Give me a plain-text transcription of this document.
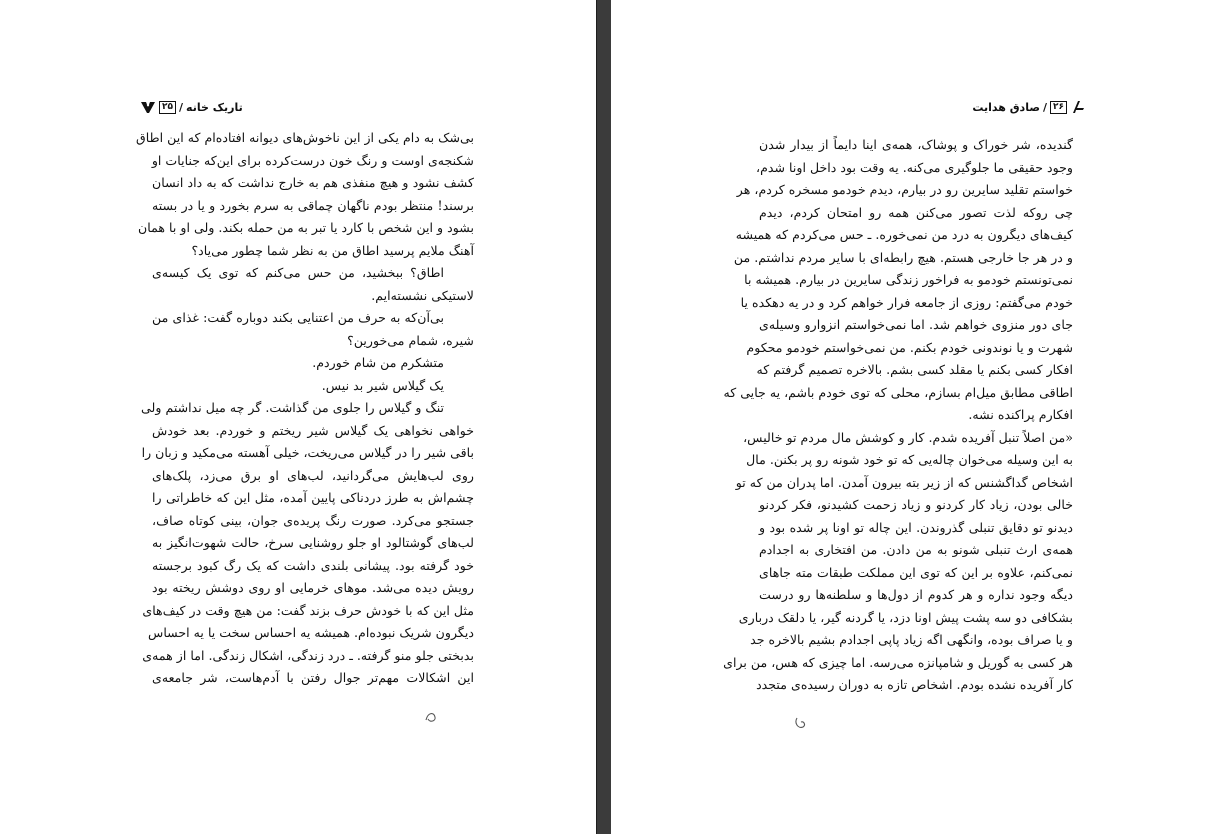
تاریک خانه
/
۲۵
بی‌شک به دام یکی از این ناخوش‌های دیوانه افتاده‌ام که این اطاق
شکنجه‌ی اوست و رنگ خون درست‌کرده برای این‌که جنایات او
کشف نشود و هیچ منفذی هم به خارج نداشت که به داد انسان
برسند! منتظر بودم ناگهان چماقی به سرم بخورد و یا در بسته
بشود و این شخص با کارد یا تبر به من حمله بکند. ولی او با همان
آهنگ ملایم پرسید اطاق من به نظر شما چطور می‌یاد؟
اطاق؟ ببخشید، من حس می‌کنم که توی یک کیسه‌ی
لاستیکی نشسته‌ایم.
بی‌آن‌که به حرف من اعتنایی بکند دوباره گفت: غذای من
شیره، شمام می‌خورین؟
متشکرم من شام خوردم.
یک گیلاس شیر بد نیس.
تنگ و گیلاس را جلوی من گذاشت. گر چه میل نداشتم ولی
خواهی نخواهی یک گیلاس شیر ریختم و خوردم. بعد خودش
باقی شیر را در گیلاس می‌ریخت، خیلی آهسته می‌مکید و زبان را
روی لب‌هایش می‌گردانید، لب‌های او برق می‌زد، پلک‌های
چشم‌اش به طرز دردناکی پایین آمده، مثل این که خاطراتی را
جستجو می‌کرد. صورت رنگ پریده‌ی جوان، بینی کوتاه صاف،
لب‌های گوشتالود او جلو روشنایی سرخ، حالت شهوت‌انگیز به
خود گرفته بود. پیشانی بلندی داشت که یک رگ کبود برجسته
رویش دیده می‌شد. موهای خرمایی او روی دوشش ریخته بود
مثل این که با خودش حرف بزند گفت: من هیچ وقت در کیف‌های
دیگرون شریک نبوده‌ام. همیشه یه احساس سخت یا یه احساس
بدبختی جلو منو گرفته. ـ درد زندگی، اشکال زندگی. اما از همه‌ی
این اشکالات مهم‌تر جوال رفتن با آدم‌هاست، شر جامعه‌ی
۲۶
/
صادق هدایت
گندیده، شر خوراک و پوشاک، همه‌ی اینا دایماً از بیدار شدن
وجود حقیقی ما جلوگیری می‌کنه. یه وقت بود داخل اونا شدم،
خواستم تقلید سایرین رو در بیارم، دیدم خودمو مسخره کردم، هر
چی روکه لذت تصور می‌کنن همه رو امتحان کردم، دیدم
کیف‌های دیگرون به درد من نمی‌خوره. ـ حس می‌کردم که همیشه
و در هر جا خارجی هستم. هیچ رابطه‌ای با سایر مردم نداشتم. من
نمی‌تونستم خودمو به فراخور زندگی سایرین در بیارم. همیشه با
خودم می‌گفتم: روزی از جامعه فرار خواهم کرد و در یه دهکده یا
جای دور منزوی خواهم شد. اما نمی‌خواستم انزوارو وسیله‌ی
شهرت و یا نوندونی خودم بکنم. من نمی‌خواستم خودمو محکوم
افکار کسی بکنم یا مقلد کسی بشم. بالاخره تصمیم گرفتم که
اطاقی مطابق میل‌ام بسازم، محلی که توی خودم باشم، یه جایی که
افکارم پراکنده نشه.
«من اصلاً تنبل آفریده شدم. کار و کوشش مال مردم تو خالیس،
به این وسیله می‌خوان چاله‌یی که تو خود شونه رو پر بکنن. مال
اشخاص گداگشنس که از زیر بته بیرون آمدن. اما پدران من که تو
خالی بودن، زیاد کار کردنو و زیاد زحمت کشیدنو، فکر کردنو
دیدنو تو دقایق تنبلی گذروندن. این چاله تو اونا پر شده بود و
همه‌ی ارث تنبلی شونو به من دادن. من افتخاری به اجدادم
نمی‌کنم، علاوه بر این که توی این مملکت طبقات مته جاهای
دیگه وجود نداره و هر کدوم از دول‌ها و سلطنه‌ها رو درست
بشکافی دو سه پشت پیش اونا دزد، یا گردنه گیر، یا دلقک درباری
و یا صراف بوده، وانگهی اگه زیاد پاپی اجدادم بشیم بالاخره جد
هر کسی به گوریل و شامپانزه می‌رسه. اما چیزی که هس، من برای
کار آفریده نشده بودم. اشخاص تازه به دوران رسیده‌ی متجدد
